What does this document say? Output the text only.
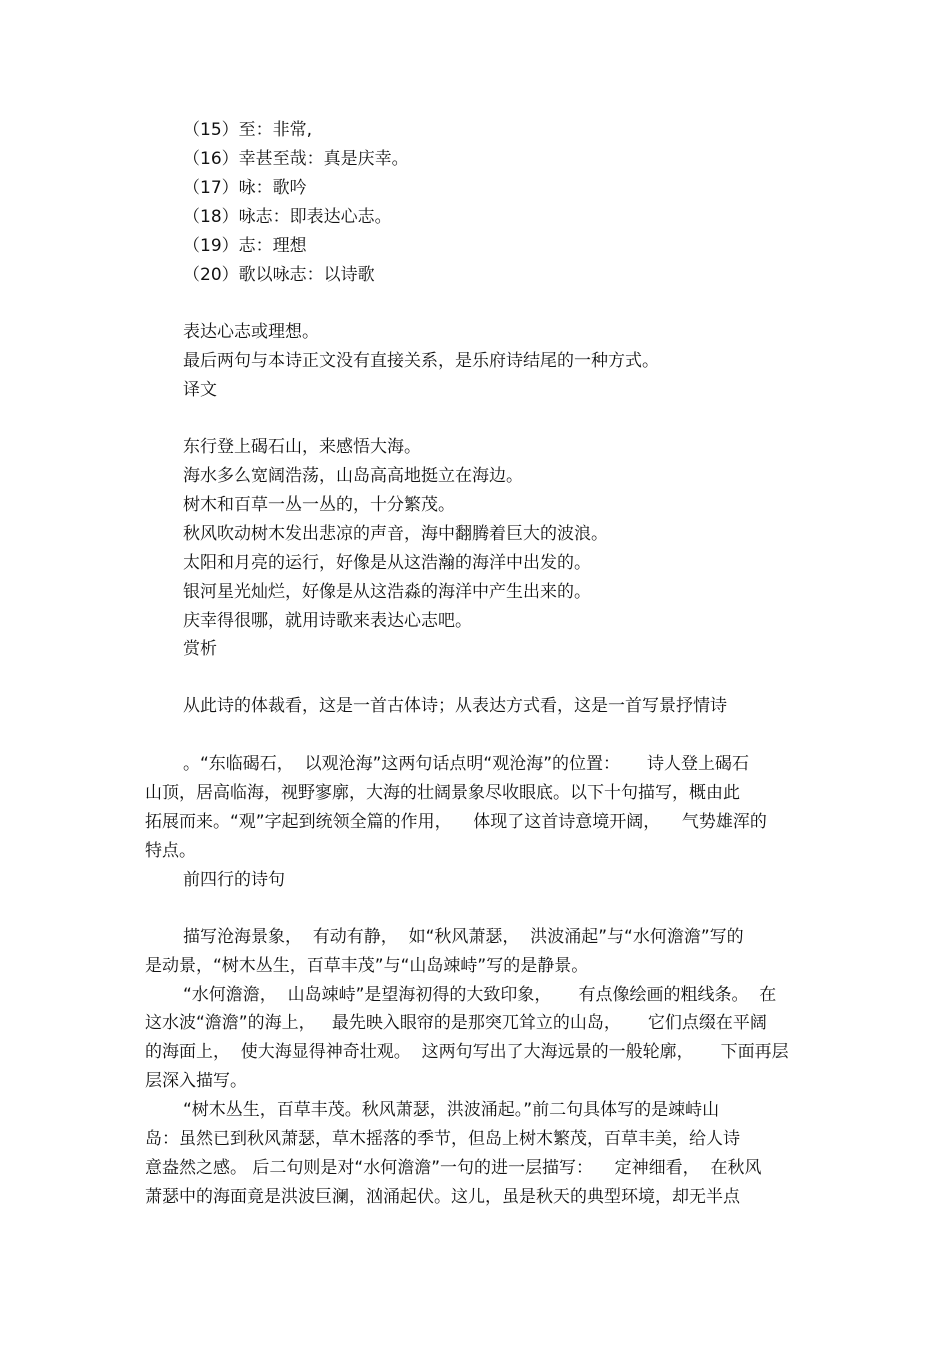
（15）至：非常,

（16）幸甚至哉：真是庆幸。

（17）咏：歌吟

（18）咏志：即表达心志。

（19）志：理想

（20）歌以咏志：以诗歌

表达心志或理想。

最后两句与本诗正文没有直接关系，是乐府诗结尾的一种方式。

译文

东行登上碣石山，来感悟大海。

海水多么宽阔浩荡，山岛高高地挺立在海边。

树木和百草一丛一丛的，十分繁茂。

秋风吹动树木发出悲凉的声音，海中翻腾着巨大的波浪。

太阳和月亮的运行，好像是从这浩瀚的海洋中出发的。

银河星光灿烂，好像是从这浩淼的海洋中产生出来的。

庆幸得很哪，就用诗歌来表达心志吧。

赏析

从此诗的体裁看，这是一首古体诗；从表达方式看，这是一首写景抒情诗

。“东临碣石，  以观沧海”这两句话点明“观沧海”的位置：     诗人登上碣石

山顶，居高临海，视野寥廓，大海的壮阔景象尽收眼底。以下十句描写，概由此

拓展而来。“观”字起到统领全篇的作用，    体现了这首诗意境开阔，    气势雄浑的

特点。

前四行的诗句

描写沧海景象，  有动有静，  如“秋风萧瑟，  洪波涌起”与“水何澹澹”写的

是动景，“树木丛生，百草丰茂”与“山岛竦峙”写的是静景。

“水何澹澹，  山岛竦峙”是望海初得的大致印象，     有点像绘画的粗线条。  在

这水波“澹澹”的海上，   最先映入眼帘的是那突兀耸立的山岛，     它们点缀在平阔

的海面上，  使大海显得神奇壮观。  这两句写出了大海远景的一般轮廓，     下面再层

层深入描写。

“树木丛生，百草丰茂。秋风萧瑟，洪波涌起。”前二句具体写的是竦峙山

岛：虽然已到秋风萧瑟，草木摇落的季节，但岛上树木繁茂，百草丰美，给人诗

意盎然之感。 后二句则是对“水何澹澹”一句的进一层描写：    定神细看，  在秋风

萧瑟中的海面竟是洪波巨澜，汹涌起伏。这儿，虽是秋天的典型环境，却无半点
